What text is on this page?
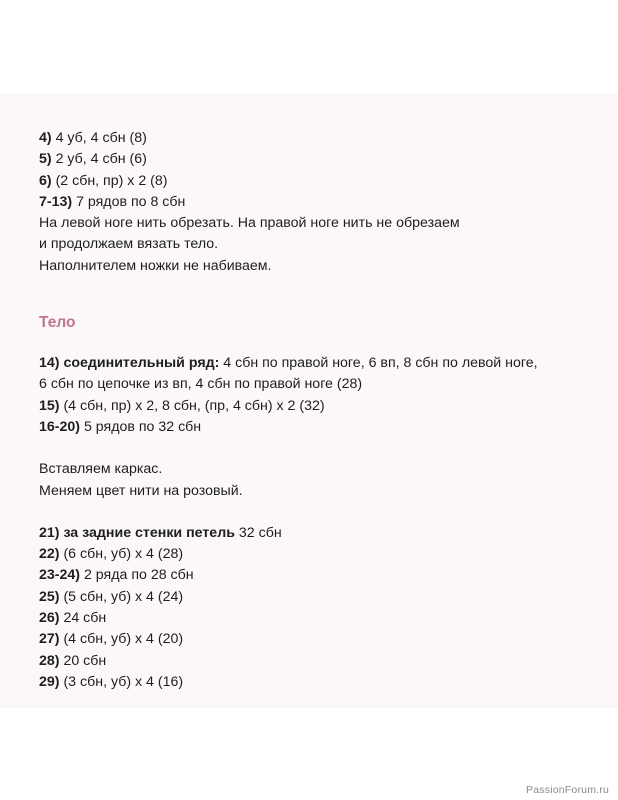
4) 4 уб, 4 сбн (8)
5) 2 уб, 4 сбн (6)
6) (2 сбн, пр) х 2 (8)
7-13) 7 рядов по 8 сбн
На левой ноге нить обрезать. На правой ноге нить не обрезаем
и продолжаем вязать тело.
Наполнителем ножки не набиваем.
Тело
14) соединительный ряд: 4 сбн по правой ноге, 6 вп, 8 сбн по левой ноге,
6 сбн по цепочке из вп, 4 сбн по правой ноге (28)
15) (4 сбн, пр) х 2, 8 сбн, (пр, 4 сбн) х 2 (32)
16-20) 5 рядов по 32 сбн
Вставляем каркас.
Меняем цвет нити на розовый.
21) за задние стенки петель 32 сбн
22) (6 сбн, уб) х 4 (28)
23-24) 2 ряда по 28 сбн
25) (5 сбн, уб) х 4 (24)
26) 24 сбн
27) (4 сбн, уб) х 4 (20)
28) 20 сбн
29) (3 сбн, уб) х 4 (16)
PassionForum.ru
